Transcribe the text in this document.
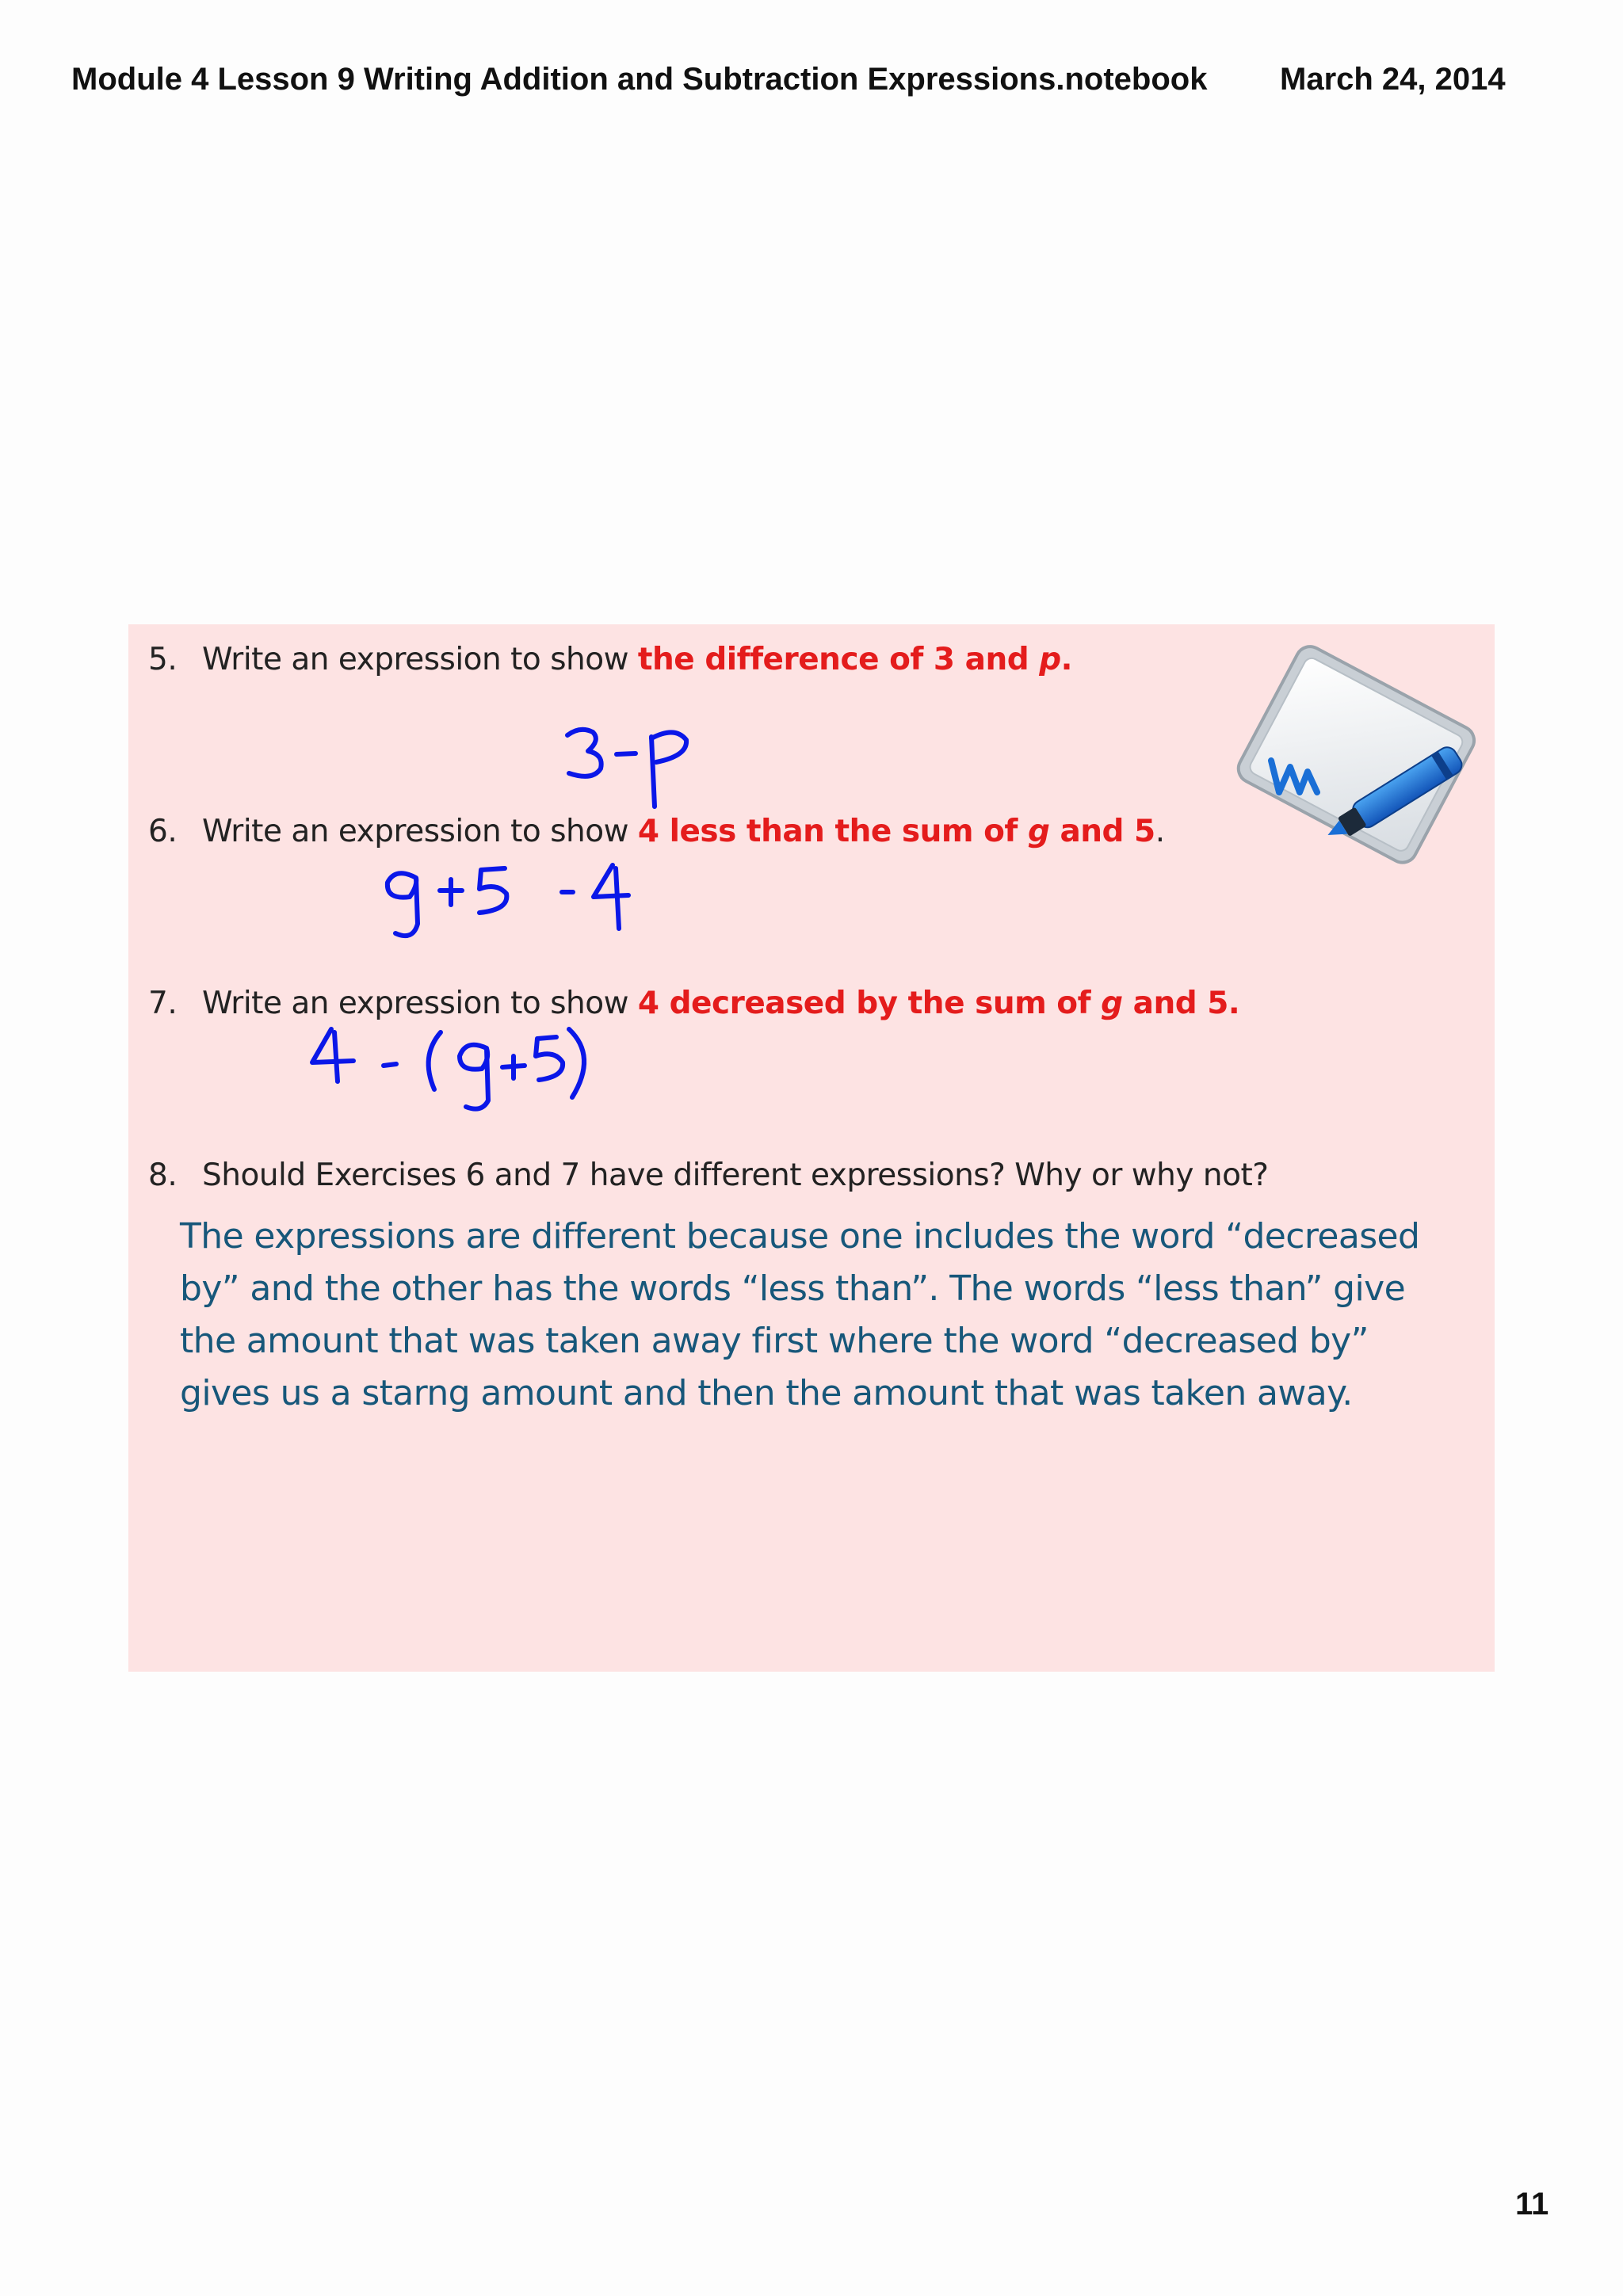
Module 4 Lesson 9 Writing Addition and Subtraction Expressions.notebook March 24, 2014
5. Write an expression to show the difference of 3 and p.
6. Write an expression to show 4 less than the sum of g and 5.
7. Write an expression to show 4 decreased by the sum of g and 5.
8. Should Exercises 6 and 7 have different expressions? Why or why not?
The expressions are different because one includes the word “decreased by” and the other has the words “less than”. The words “less than” give the amount that was taken away first where the word “decreased by” gives us a starng amount and then the amount that was taken away.
11
